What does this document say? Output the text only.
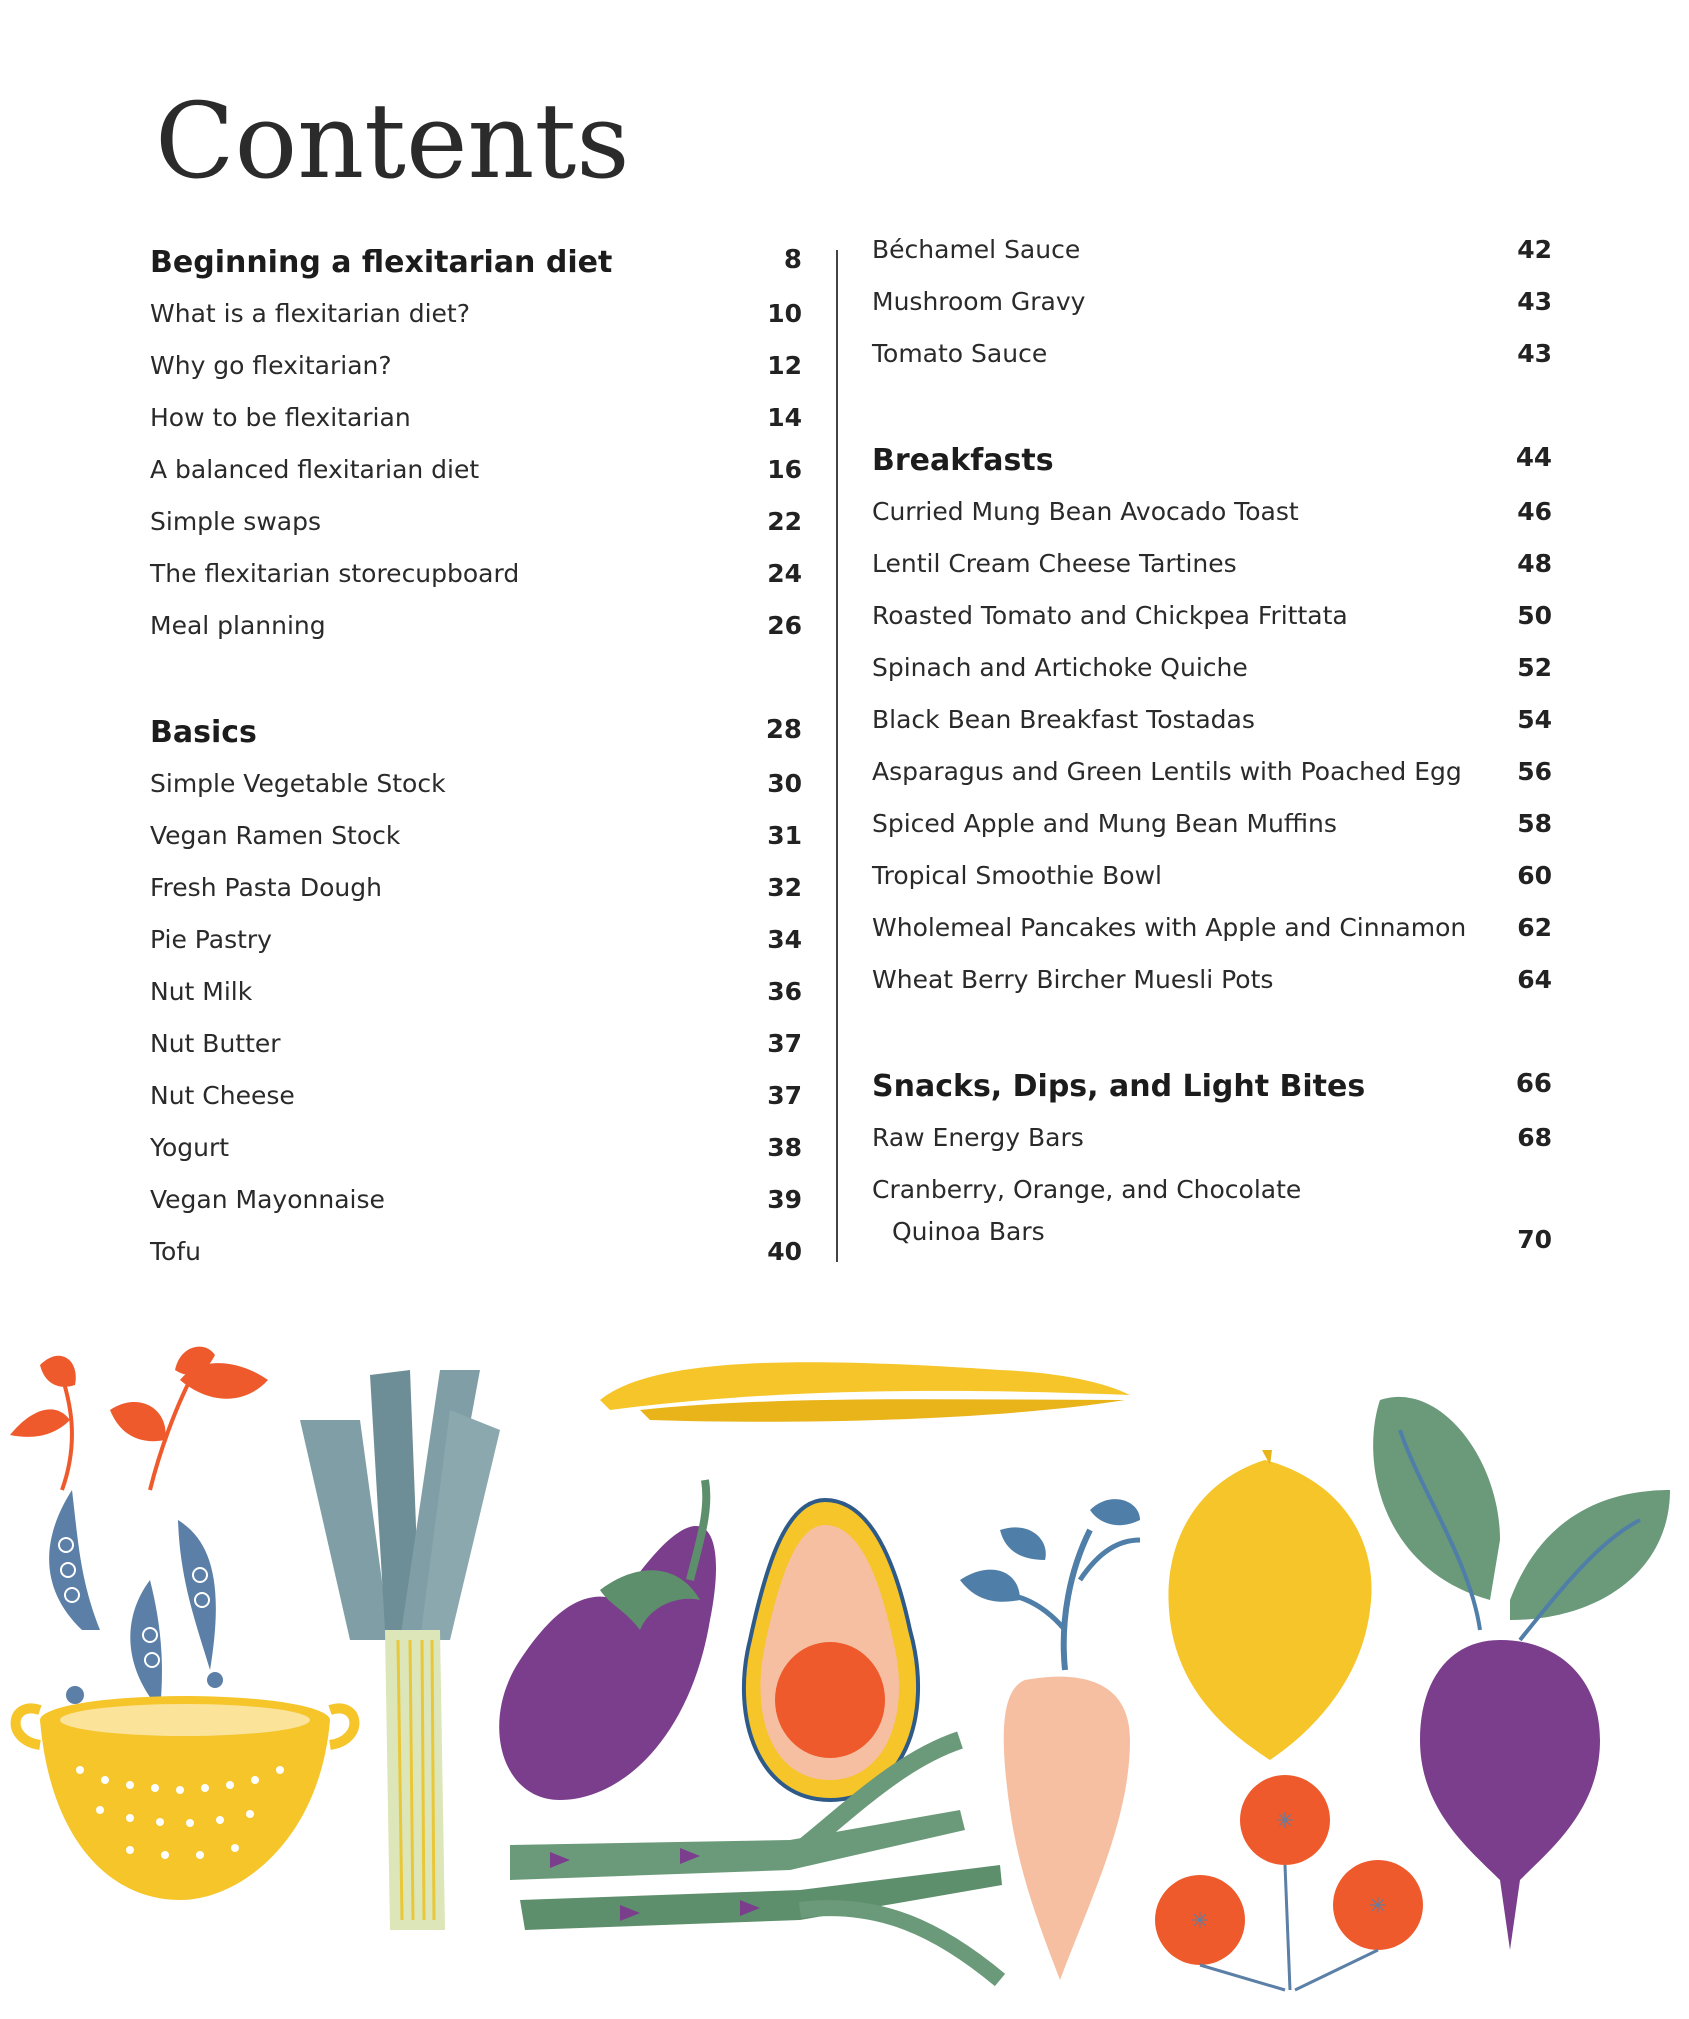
Contents
Beginning a flexitarian diet	8
What is a flexitarian diet?	10
Why go flexitarian?	12
How to be flexitarian	14
A balanced flexitarian diet	16
Simple swaps	22
The flexitarian storecupboard	24
Meal planning	26
Basics	28
Simple Vegetable Stock	30
Vegan Ramen Stock	31
Fresh Pasta Dough	32
Pie Pastry	34
Nut Milk	36
Nut Butter	37
Nut Cheese	37
Yogurt	38
Vegan Mayonnaise	39
Tofu	40
Béchamel Sauce	42
Mushroom Gravy	43
Tomato Sauce	43
Breakfasts	44
Curried Mung Bean Avocado Toast	46
Lentil Cream Cheese Tartines	48
Roasted Tomato and Chickpea Frittata	50
Spinach and Artichoke Quiche	52
Black Bean Breakfast Tostadas	54
Asparagus and Green Lentils with Poached Egg 56
Spiced Apple and Mung Bean Muffins	58
Tropical Smoothie Bowl	60
Wholemeal Pancakes with Apple and Cinnamon 62
Wheat Berry Bircher Muesli Pots	64
Snacks, Dips, and Light Bites	66
Raw Energy Bars	68
Cranberry, Orange, and Chocolate
Quinoa Bars	70
✳
✳
✳
